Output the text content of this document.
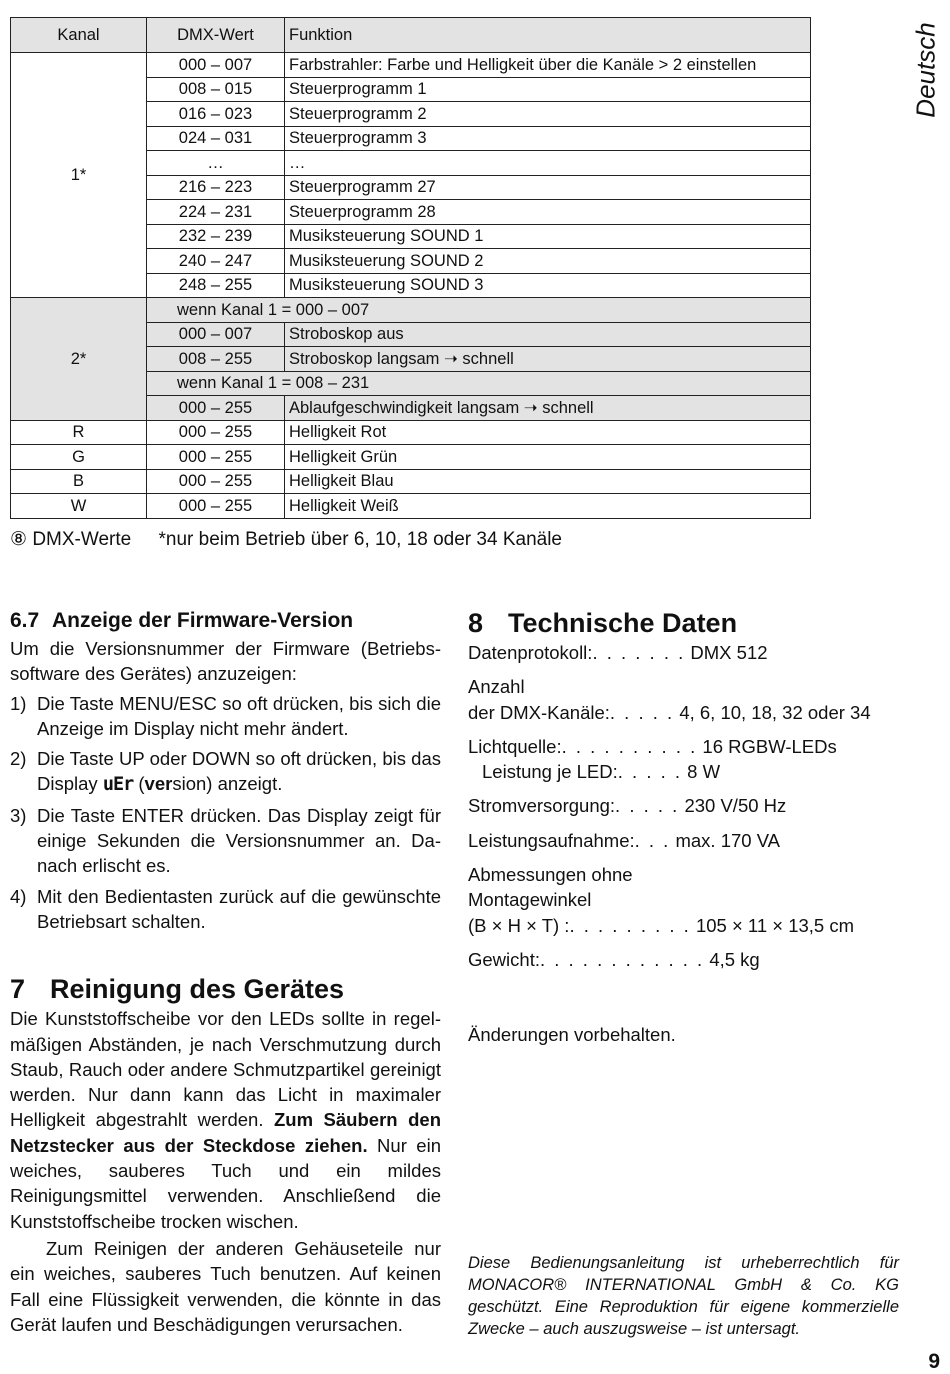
Kanal	DMX-Wert	Funktion
1*	000 – 007	Farbstrahler: Farbe und Helligkeit über die Kanäle > 2 einstellen
	008 – 015	Steuerprogramm 1
	016 – 023	Steuerprogramm 2
	024 – 031	Steuerprogramm 3
	…	…
	216 – 223	Steuerprogramm 27
	224 – 231	Steuerprogramm 28
	232 – 239	Musiksteuerung SOUND 1
	240 – 247	Musiksteuerung SOUND 2
	248 – 255	Musiksteuerung SOUND 3
2*	wenn Kanal 1 = 000 – 007	
	000 – 007	Stroboskop aus
	008 – 255	Stroboskop langsam ➝ schnell
	wenn Kanal 1 = 008 – 231	
	000 – 255	Ablaufgeschwindigkeit langsam ➝ schnell
R	000 – 255	Helligkeit Rot
G	000 – 255	Helligkeit Grün
B	000 – 255	Helligkeit Blau
W	000 – 255	Helligkeit Weiß
⑧ DMX-Werte *nur beim Betrieb über 6, 10, 18 oder 34 Kanäle
Deutsch
6.7 Anzeige der Firmware-Version

Um die Versionsnummer der Firmware (Betriebssoftware des Gerätes) anzuzeigen:

1) Die Taste MENU/ESC so oft drücken, bis sich die Anzeige im Display nicht mehr ändert.
2) Die Taste UP oder DOWN so oft drücken, bis das Display uEr (version) anzeigt.
3) Die Taste ENTER drücken. Das Display zeigt für einige Sekunden die Versionsnummer an. Danach erlischt es.
4) Mit den Bedientasten zurück auf die gewünschte Betriebsart schalten.
7 Reinigung des Gerätes

Die Kunststoffscheibe vor den LEDs sollte in regelmäßigen Abständen, je nach Verschmutzung durch Staub, Rauch oder andere Schmutzpartikel gereinigt werden. Nur dann kann das Licht in maximaler Helligkeit abgestrahlt werden. Zum Säubern den Netzstecker aus der Steckdose ziehen. Nur ein weiches, sauberes Tuch und ein mildes Reinigungsmittel verwenden. Anschließend die Kunststoffscheibe trocken wischen.

Zum Reinigen der anderen Gehäuseteile nur ein weiches, sauberes Tuch benutzen. Auf keinen Fall eine Flüssigkeit verwenden, die könnte in das Gerät laufen und Beschädigungen verursachen.

8 Technische Daten
Datenprotokoll: . . . . . . .
DMX 512
Anzahl
der DMX-Kanäle: . . . . .
4, 6, 10, 18, 32 oder 34
Lichtquelle: . . . . . . . . . .
16 RGBW-LEDs
Leistung je LED: . . . . .
8 W
Stromversorgung: . . . . .
230 V/50 Hz
Leistungsaufnahme: . . .
max. 170 VA
Abmessungen ohne
Montagewinkel
(B × H × T) : . . . . . . . . .
105 × 11 × 13,5 cm
Gewicht: . . . . . . . . . . . .
4,5 kg

Änderungen vorbehalten.

Diese Bedienungsanleitung ist urheberrechtlich für MONACOR® INTERNATIONAL GmbH & Co. KG geschützt. Eine Reproduktion für eigene kommerzielle Zwecke – auch auszugsweise – ist untersagt.
9
